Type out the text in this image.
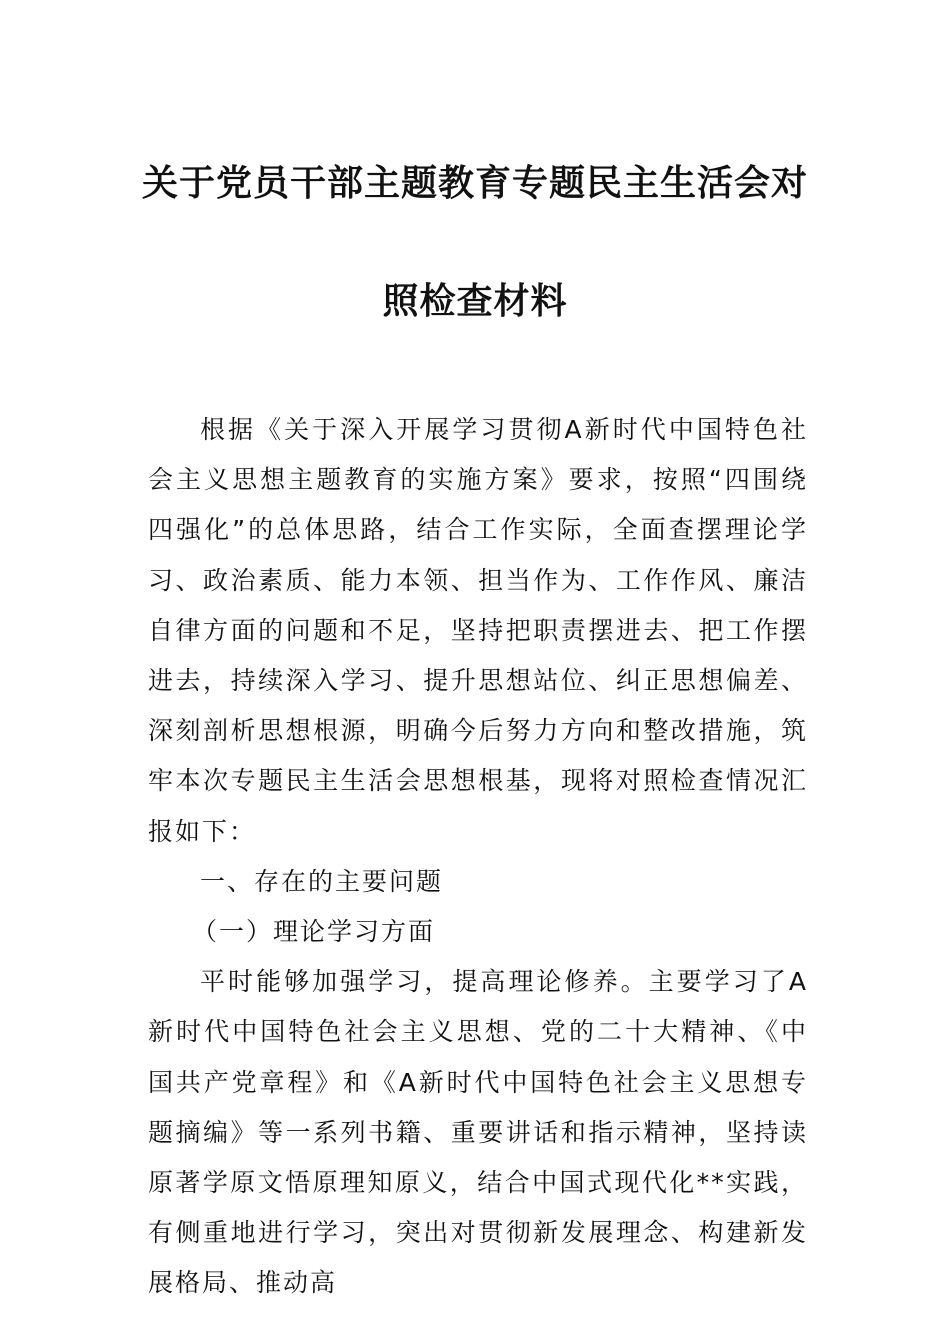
关于党员干部主题教育专题民主生活会对
照检查材料

根据《关于深入开展学习贯彻A新时代中国特色社会主义思想主题教育的实施方案》要求，按照“四围绕四强化”的总体思路，结合工作实际，全面查摆理论学习、政治素质、能力本领、担当作为、工作作风、廉洁自律方面的问题和不足，坚持把职责摆进去、把工作摆进去，持续深入学习、提升思想站位、纠正思想偏差、深刻剖析思想根源，明确今后努力方向和整改措施，筑牢本次专题民主生活会思想根基，现将对照检查情况汇报如下：

一、存在的主要问题

（一）理论学习方面

平时能够加强学习，提高理论修养。主要学习了A新时代中国特色社会主义思想、党的二十大精神、《中国共产党章程》和《A新时代中国特色社会主义思想专题摘编》等一系列书籍、重要讲话和指示精神，坚持读原著学原文悟原理知原义，结合中国式现代化**实践，有侧重地进行学习，突出对贯彻新发展理念、构建新发展格局、推动高
